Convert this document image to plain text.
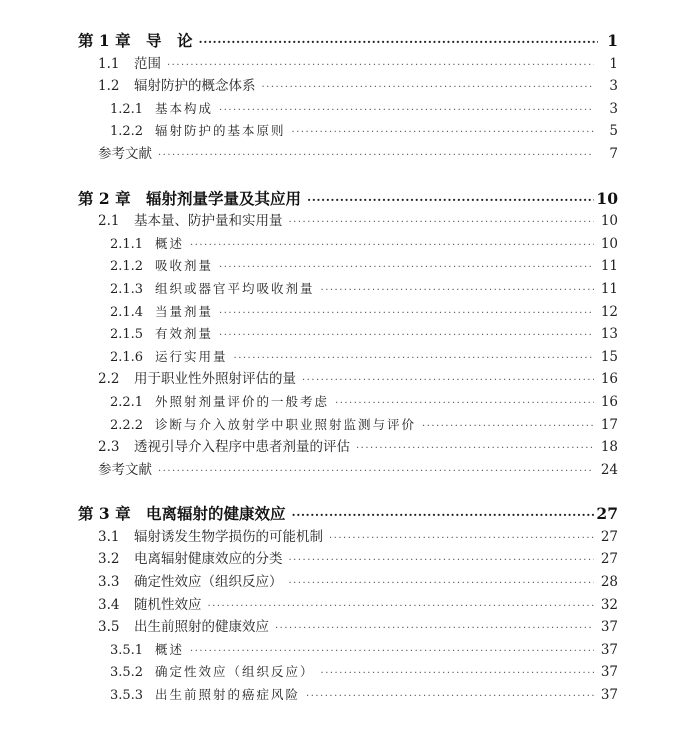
第 1 章 导　论 ·····	1
1.1	范围 ·····	1
1.2	辐射防护的概念体系 ·····	3
1.2.1 基本构成 ·····	3
1.2.2 辐射防护的基本原则 ·····	5
参考文献 ·····	7
第 2 章 辐射剂量学量及其应用 ·····	10
2.1	基本量、防护量和实用量 ·····	10
2.1.1 概述 ·····	10
2.1.2 吸收剂量 ·····	11
2.1.3 组织或器官平均吸收剂量 ·····	11
2.1.4 当量剂量 ·····	12
2.1.5 有效剂量 ·····	13
2.1.6 运行实用量 ·····	15
2.2	用于职业性外照射评估的量 ·····	16
2.2.1 外照射剂量评价的一般考虑 ·····	16
2.2.2 诊断与介入放射学中职业照射监测与评价 ·····	17
2.3	透视引导介入程序中患者剂量的评估 ·····	18
参考文献 ·····	24
第 3 章 电离辐射的健康效应 ·····	27
3.1	辐射诱发生物学损伤的可能机制 ·····	27
3.2	电离辐射健康效应的分类 ·····	27
3.3	确定性效应（组织反应） ·····	28
3.4	随机性效应 ·····	32
3.5	出生前照射的健康效应 ·····	37
3.5.1 概述 ·····	37
3.5.2 确定性效应（组织反应） ·····	37
3.5.3 出生前照射的癌症风险 ·····	37
